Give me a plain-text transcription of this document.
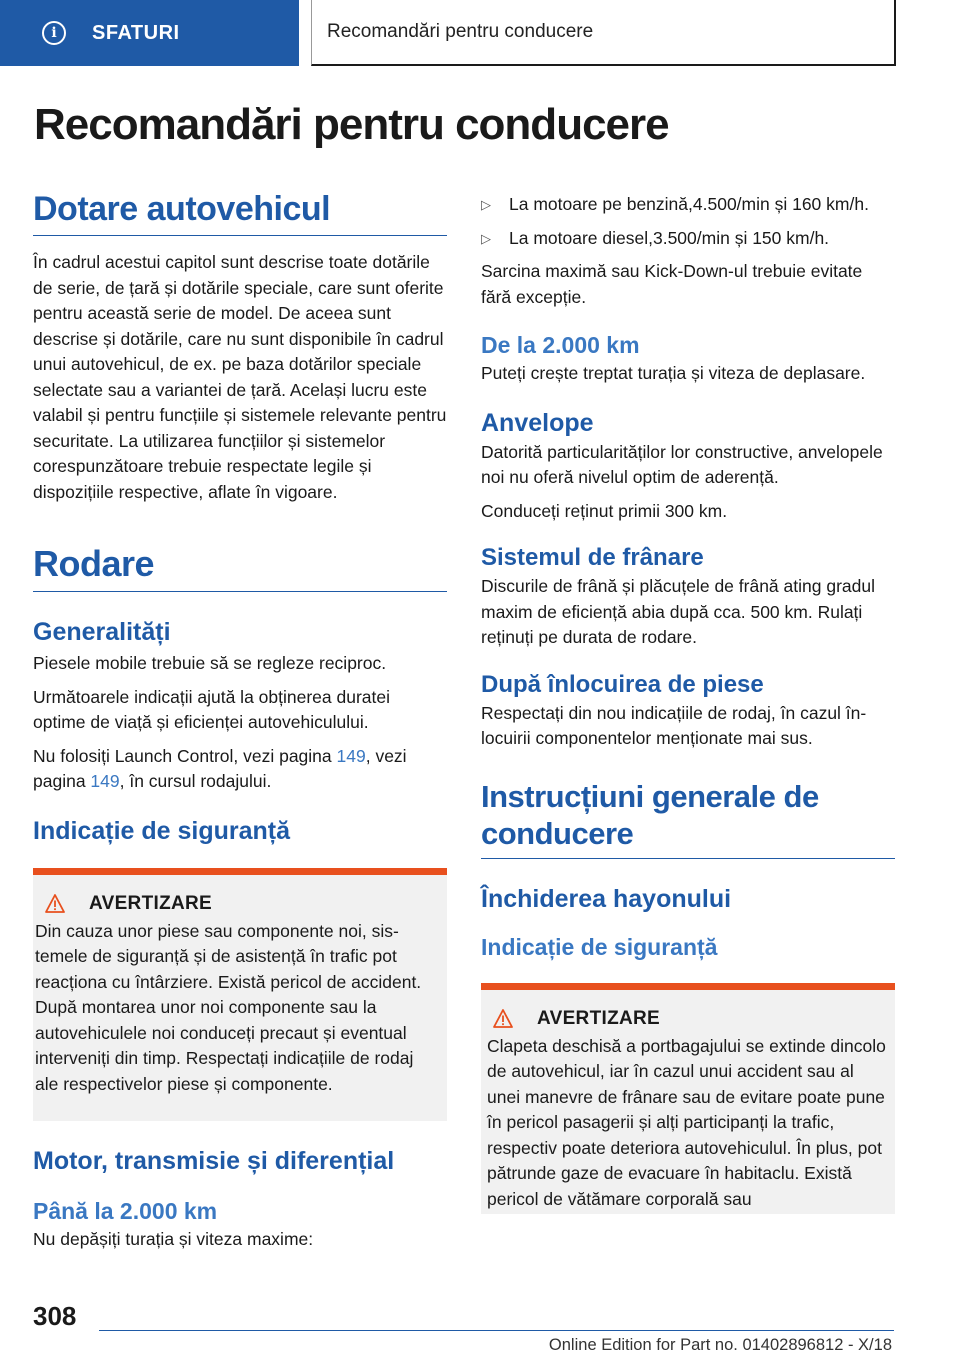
i	SFATURI	Recomandări pentru conducere
Recomandări pentru conducere
Dotare autovehicul

În cadrul acestui capitol sunt descrise toate dotările de serie, de țară și dotările speciale, care sunt oferite pentru această serie de model. De aceea sunt descrise și dotările, care nu sunt disponibile în cadrul unui autovehicul, de ex. pe baza dotărilor speciale selectate sau a variantei de țară. Același lucru este valabil și pentru funcțiile și sistemele relevante pentru securitate. La utilizarea funcțiilor și sistemelor corespunzătoare trebuie respectate legile și dispozițiile respective, aflate în vigoare.

Rodare
Generalități

Piesele mobile trebuie să se regleze reciproc.

Următoarele indicații ajută la obținerea duratei optime de viață și eficienței autovehiculului.

Nu folosiți Launch Control, vezi pagina 149, vezi pagina 149, în cursul rodajului.

Indicație de siguranță
AVERTIZARE

Din cauza unor piese sau componente noi, sistemele de siguranță și de asistență în trafic pot reacționa cu întârziere. Există pericol de accident. După montarea unor noi componente sau la autovehiculele noi conduceți precaut și eventual interveniți din timp. Respectați indicațiile de rodaj ale respectivelor piese și componente.

Motor, transmisie și diferențial
Până la 2.000 km

Nu depășiți turația și viteza maxime:

▷	La motoare pe benzină,4.500/min și 160 km/h.

▷	La motoare diesel,3.500/min și 150 km/h.

Sarcina maximă sau Kick-Down-ul trebuie evitate fără excepție.

De la 2.000 km

Puteți crește treptat turația și viteza de deplasare.

Anvelope

Datorită particularităților lor constructive, anvelopele noi nu oferă nivelul optim de aderență.

Conduceți reținut primii 300 km.

Sistemul de frânare

Discurile de frână și plăcuțele de frână ating gradul maxim de eficiență abia după cca. 500 km. Rulați reținuți pe durata de rodare.

După înlocuirea de piese

Respectați din nou indicațiile de rodaj, în cazul înlocuirii componentelor menționate mai sus.

Instrucțiuni generale de conducere
Închiderea hayonului
Indicație de siguranță
AVERTIZARE

Clapeta deschisă a portbagajului se extinde dincolo de autovehicul, iar în cazul unui accident sau al unei manevre de frânare sau de evitare poate pune în pericol pasagerii și alți participanți la trafic, respectiv poate deteriora autovehiculul. În plus, pot pătrunde gaze de evacuare în habitaclu. Există pericol de vătămare corporală sau

308
Online Edition for Part no. 01402896812 - X/18
